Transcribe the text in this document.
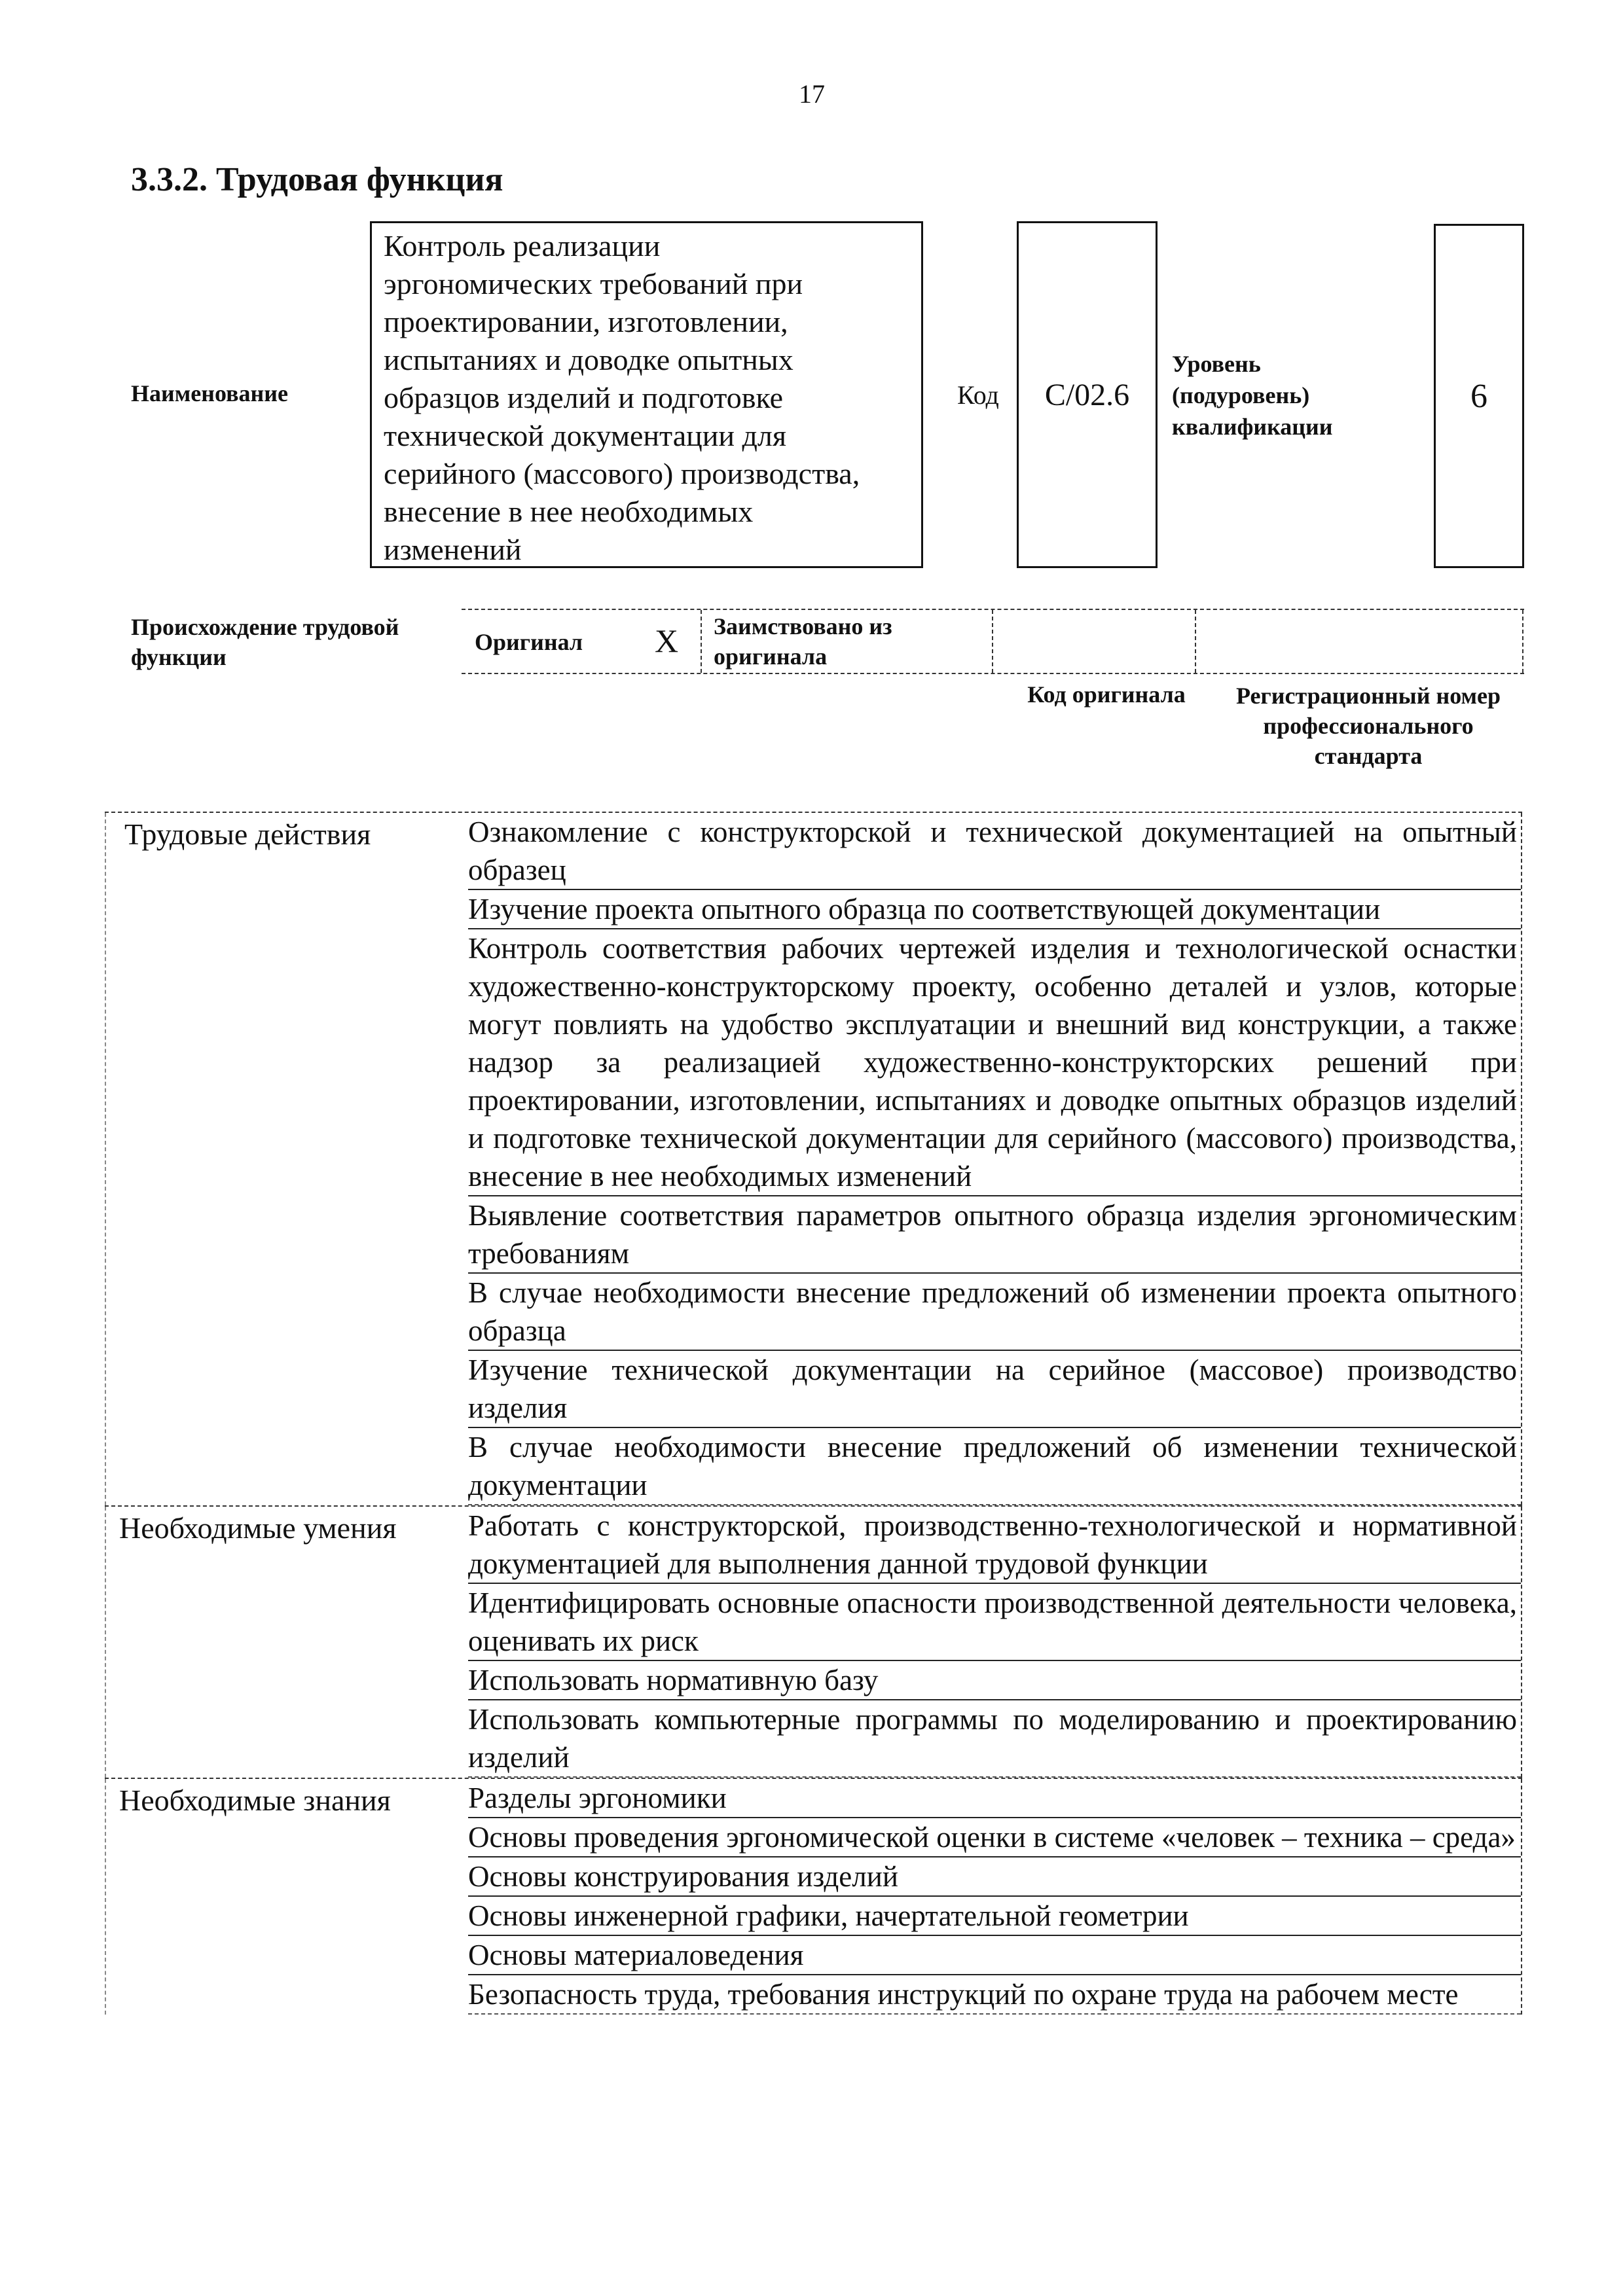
17
3.3.2. Трудовая функция
Наименование
Контроль реализации
эргономических требований при
проектировании, изготовлении,
испытаниях и доводке опытных
образцов изделий и подготовке
технической документации для
серийного (массового) производства,
внесение в нее необходимых
изменений
Код C/02.6
Уровень (подуровень) квалификации
6
Происхождение трудовой функции
Оригинал X Заимствовано из оригинала
Код оригинала	Регистрационный номер профессионального стандарта
Трудовые действия	Ознакомление с конструкторской и технической документацией на опытный образец
Изучение проекта опытного образца по соответствующей документации
Контроль соответствия рабочих чертежей изделия и технологической оснастки художественно-конструкторскому проекту, особенно деталей и узлов, которые могут повлиять на удобство эксплуатации и внешний вид конструкции, а также надзор за реализацией художественно-конструкторских решений при проектировании, изготовлении, испытаниях и доводке опытных образцов изделий и подготовке технической документации для серийного (массового) производства, внесение в нее необходимых изменений
Выявление соответствия параметров опытного образца изделия эргономическим требованиям
В случае необходимости внесение предложений об изменении проекта опытного образца
Изучение технической документации на серийное (массовое) производство изделия
В случае необходимости внесение предложений об изменении технической документации
Необходимые умения	Работать с конструкторской, производственно-технологической и нормативной документацией для выполнения данной трудовой функции
Идентифицировать основные опасности производственной деятельности человека, оценивать их риск
Использовать нормативную базу
Использовать компьютерные программы по моделированию и проектированию изделий
Необходимые знания	Разделы эргономики
Основы проведения эргономической оценки в системе «человек – техника – среда»
Основы конструирования изделий
Основы инженерной графики, начертательной геометрии
Основы материаловедения
Безопасность труда, требования инструкций по охране труда на рабочем месте
